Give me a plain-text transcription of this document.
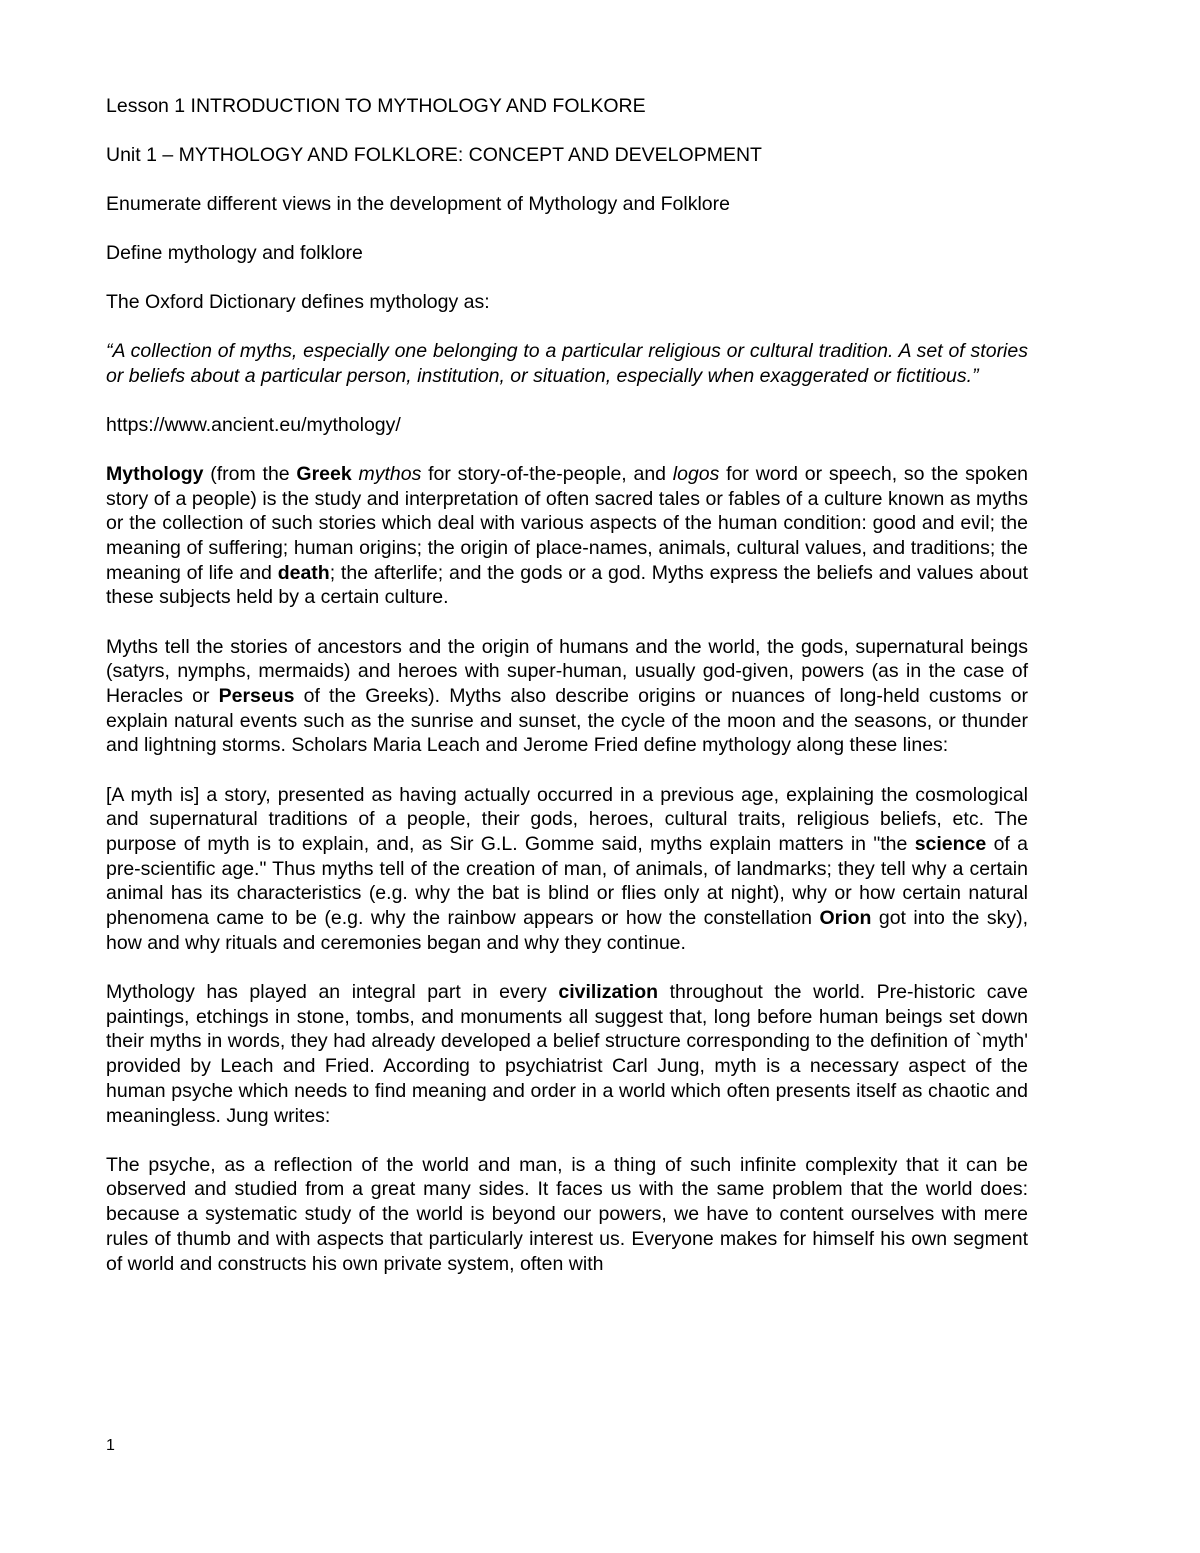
Lesson 1 INTRODUCTION TO MYTHOLOGY AND FOLKORE

Unit 1 – MYTHOLOGY AND FOLKLORE: CONCEPT AND DEVELOPMENT

Enumerate different views in the development of Mythology and Folklore

Define mythology and folklore

The Oxford Dictionary defines mythology as:

“A collection of myths, especially one belonging to a particular religious or cultural tradition. A set of stories or beliefs about a particular person, institution, or situation, especially when exaggerated or fictitious.”

https://www.ancient.eu/mythology/

Mythology (from the Greek mythos for story-of-the-people, and logos for word or speech, so the spoken story of a people) is the study and interpretation of often sacred tales or fables of a culture known as myths or the collection of such stories which deal with various aspects of the human condition: good and evil; the meaning of suffering; human origins; the origin of place-names, animals, cultural values, and traditions; the meaning of life and death; the afterlife; and the gods or a god. Myths express the beliefs and values about these subjects held by a certain culture.

Myths tell the stories of ancestors and the origin of humans and the world, the gods, supernatural beings (satyrs, nymphs, mermaids) and heroes with super-human, usually god-given, powers (as in the case of Heracles or Perseus of the Greeks). Myths also describe origins or nuances of long-held customs or explain natural events such as the sunrise and sunset, the cycle of the moon and the seasons, or thunder and lightning storms. Scholars Maria Leach and Jerome Fried define mythology along these lines:

[A myth is] a story, presented as having actually occurred in a previous age, explaining the cosmological and supernatural traditions of a people, their gods, heroes, cultural traits, religious beliefs, etc. The purpose of myth is to explain, and, as Sir G.L. Gomme said, myths explain matters in "the science of a pre-scientific age." Thus myths tell of the creation of man, of animals, of landmarks; they tell why a certain animal has its characteristics (e.g. why the bat is blind or flies only at night), why or how certain natural phenomena came to be (e.g. why the rainbow appears or how the constellation Orion got into the sky), how and why rituals and ceremonies began and why they continue.

Mythology has played an integral part in every civilization throughout the world. Pre-historic cave paintings, etchings in stone, tombs, and monuments all suggest that, long before human beings set down their myths in words, they had already developed a belief structure corresponding to the definition of `myth' provided by Leach and Fried. According to psychiatrist Carl Jung, myth is a necessary aspect of the human psyche which needs to find meaning and order in a world which often presents itself as chaotic and meaningless. Jung writes:

The psyche, as a reflection of the world and man, is a thing of such infinite complexity that it can be observed and studied from a great many sides. It faces us with the same problem that the world does: because a systematic study of the world is beyond our powers, we have to content ourselves with mere rules of thumb and with aspects that particularly interest us. Everyone makes for himself his own segment of world and constructs his own private system, often with

1
